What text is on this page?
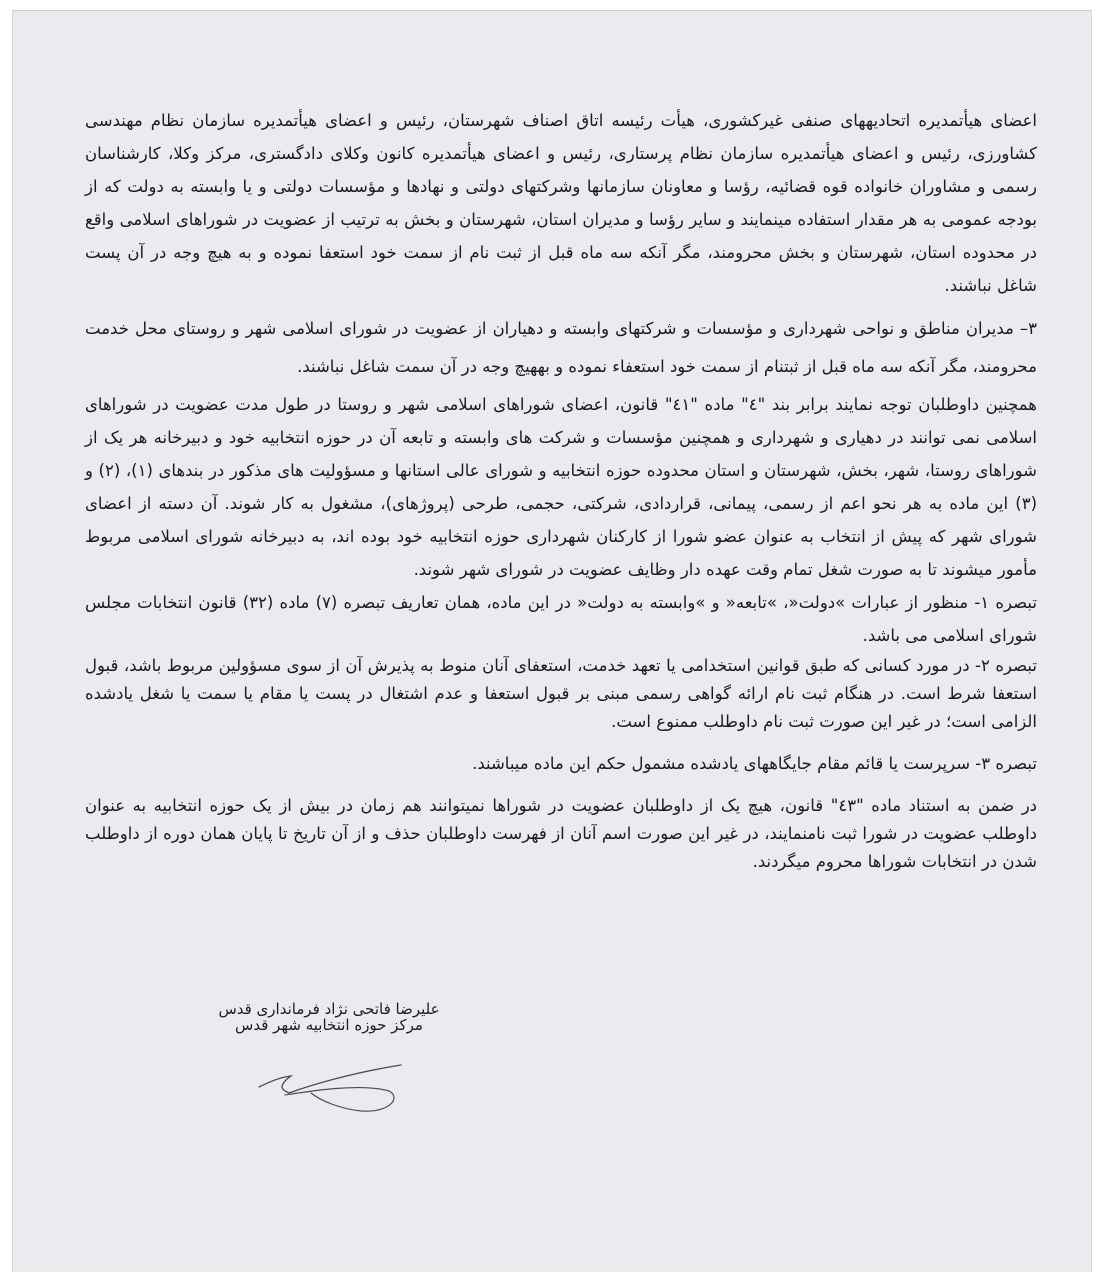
اعضای هیأتمدیره اتحادیههای صنفی غیرکشوری، هیأت رئیسه اتاق اصناف شهرستان، رئیس و اعضای هیأتمدیره سازمان نظام مهندسی کشاورزی، رئیس و اعضای هیأتمدیره سازمان نظام پرستاری، رئیس و اعضای هیأتمدیره کانون وکلای دادگستری، مرکز وکلا، کارشناسان رسمی و مشاوران خانواده قوه قضائیه، رؤسا و معاونان سازمانها وشرکتهای دولتی و نهادها و مؤسسات دولتی و یا وابسته به دولت که از بودجه عمومی به هر مقدار استفاده مینمایند و سایر رؤسا و مدیران استان، شهرستان و بخش به ترتیب از عضویت در شوراهای اسلامی واقع در محدوده استان، شهرستان و بخش محرومند، مگر آنکه سه ماه قبل از ثبت نام از سمت خود استعفا نموده و به هیچ وجه در آن پست شاغل نباشند.

۳– مدیران مناطق و نواحی شهرداری و مؤسسات و شرکتهای وابسته و دهیاران از عضویت در شورای اسلامی شهر و روستای محل خدمت محرومند، مگر آنکه سه ماه قبل از ثبتنام از سمت خود استعفاء نموده و بههیچ وجه در آن سمت شاغل نباشند.

همچنین داوطلبان توجه نمایند برابر بند "٤" ماده "٤١" قانون، اعضای شوراهای اسلامی شهر و روستا در طول مدت عضویت در شوراهای اسلامی نمی توانند در دهیاری و شهرداری و همچنین مؤسسات و شرکت های وابسته و تابعه آن در حوزه انتخابیه خود و دبیرخانه هر یک از شوراهای روستا، شهر، بخش، شهرستان و استان محدوده حوزه انتخابیه و شورای عالی استانها و مسؤولیت های مذکور در بندهای (۱)، (۲) و (۳) این ماده به هر نحو اعم از رسمی، پیمانی، قراردادی، شرکتی، حجمی، طرحی (پروژهای)، مشغول به کار شوند. آن دسته از اعضای شورای شهر که پیش از انتخاب به عنوان عضو شورا از کارکنان شهرداری حوزه انتخابیه خود بوده اند، به دبیرخانه شورای اسلامی مربوط مأمور میشوند تا به صورت شغل تمام وقت عهده دار وظایف عضویت در شورای شهر شوند.

تبصره ۱- منظور از عبارات »دولت«، »تابعه« و »وابسته به دولت« در این ماده، همان تعاریف تبصره (۷) ماده (۳۲) قانون انتخابات مجلس شورای اسلامی می باشد.

تبصره ۲- در مورد کسانی که طبق قوانین استخدامی یا تعهد خدمت، استعفای آنان منوط به پذیرش آن از سوی مسؤولین مربوط باشد، قبول استعفا شرط است. در هنگام ثبت نام ارائه گواهی رسمی مبنی بر قبول استعفا و عدم اشتغال در پست یا مقام یا سمت یا شغل یادشده الزامی است؛ در غیر این صورت ثبت نام داوطلب ممنوع است.

تبصره ۳- سرپرست یا قائم مقام جایگاههای یادشده مشمول حکم این ماده میباشند.

در ضمن به استناد ماده "٤٣" قانون، هیچ یک از داوطلبان عضویت در شوراها نمیتوانند هم زمان در بیش از یک حوزه انتخابیه به عنوان داوطلب عضویت در شورا ثبت نامنمایند، در غیر این صورت اسم آنان از فهرست داوطلبان حذف و از آن تاریخ تا پایان همان دوره از داوطلب شدن در انتخابات شوراها محروم میگردند.

علیرضا فاتحی نژاد فرمانداری قدس
مرکز حوزه انتخابیه شهر قدس
